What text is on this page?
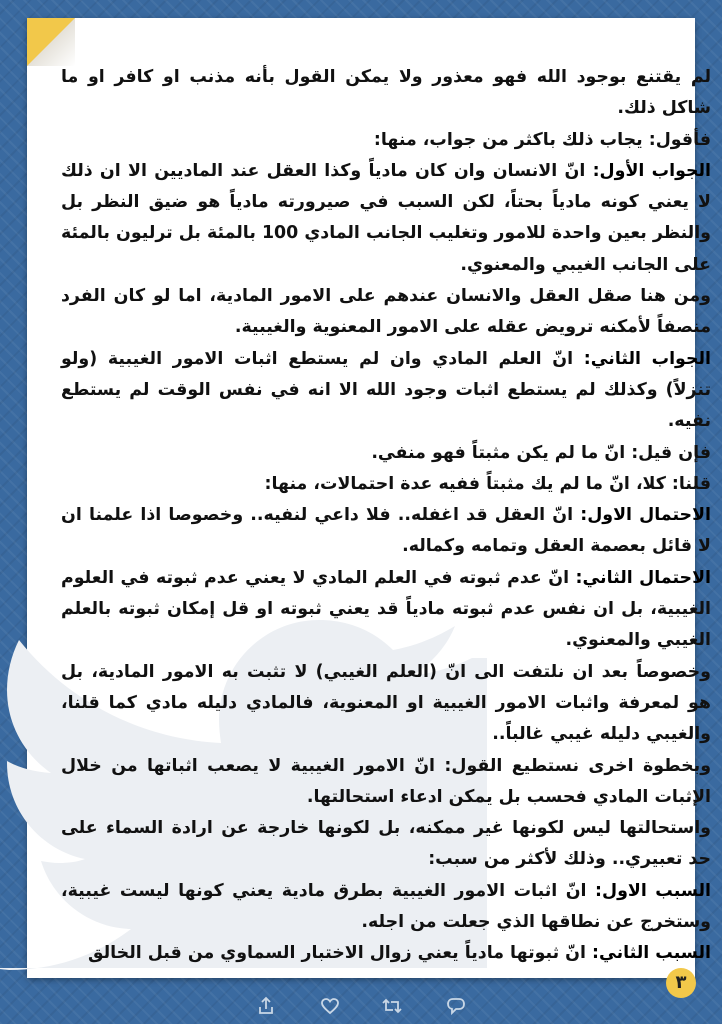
لم يقتنع بوجود الله فهو معذور ولا يمكن القول بأنه مذنب او كافر او ما شاكل ذلك.

فأقول: يجاب ذلك باكثر من جواب، منها:

الجواب الأول: انّ الانسان وان كان مادياً وكذا العقل عند الماديين الا ان ذلك لا يعني كونه مادياً بحتاً، لكن السبب في صيرورته مادياً هو ضيق النظر بل والنظر بعين واحدة للامور وتغليب الجانب المادي 100 بالمئة بل ترليون بالمئة على الجانب الغيبي والمعنوي.

ومن هنا صقل العقل والانسان عندهم على الامور المادية، اما لو كان الفرد منصفاً لأمكنه ترويض عقله على الامور المعنوية والغيبية.

الجواب الثاني: انّ العلم المادي وان لم يستطع اثبات الامور الغيبية (ولو تنزلاً) وكذلك لم يستطع اثبات وجود الله الا انه في نفس الوقت لم يستطع نفيه.

فإن قيل: انّ ما لم يكن مثبتاً فهو منفي.

قلنا: كلا، انّ ما لم يك مثبتاً ففيه عدة احتمالات، منها:

الاحتمال الاول: انّ العقل قد اغفله.. فلا داعي لنفيه.. وخصوصا اذا علمنا ان لا قائل بعصمة العقل وتمامه وكماله.

الاحتمال الثاني: انّ عدم ثبوته في العلم المادي لا يعني عدم ثبوته في العلوم الغيبية، بل ان نفس عدم ثبوته مادياً قد يعني ثبوته او قل إمكان ثبوته بالعلم الغيبي والمعنوي.

وخصوصاً بعد ان نلتفت الى انّ (العلم الغيبي) لا تثبت به الامور المادية، بل هو لمعرفة واثبات الامور الغيبية او المعنوية، فالمادي دليله مادي كما قلنا، والغيبي دليله غيبي غالباً..

وبخطوة اخرى نستطيع القول: انّ الامور الغيبية لا يصعب اثباتها من خلال الإثبات المادي فحسب بل يمكن ادعاء استحالتها.

واستحالتها ليس لكونها غير ممكنه، بل لكونها خارجة عن ارادة السماء على حد تعبيري.. وذلك لأكثر من سبب:

السبب الاول: انّ اثبات الامور الغيبية بطرق مادية يعني كونها ليست غيبية، وستخرج عن نطاقها الذي جعلت من اجله.

السبب الثاني: انّ ثبوتها مادياً يعني زوال الاختبار السماوي من قبل الخالق

٣
